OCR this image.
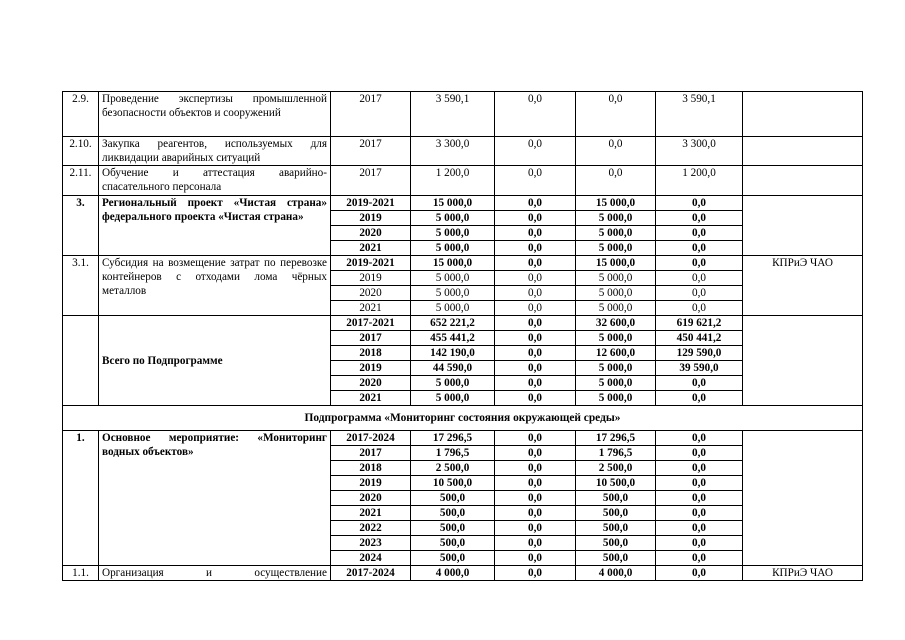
2.9.	Проведение экспертизы промышленной безопасности объектов и сооружений	2017	3 590,1	0,0	0,0	3 590,1	
2.10.	Закупка реагентов, используемых для ликвидации аварийных ситуаций	2017	3 300,0	0,0	0,0	3 300,0	
2.11.	Обучение и аттестация аварийно-спасательного персонала	2017	1 200,0	0,0	0,0	1 200,0	
3.	Региональный проект «Чистая страна» федерального проекта «Чистая страна»	2019-2021	15 000,0	0,0	15 000,0	0,0	
		2019	5 000,0	0,0	5 000,0	0,0	
		2020	5 000,0	0,0	5 000,0	0,0	
		2021	5 000,0	0,0	5 000,0	0,0	
3.1.	Субсидия на возмещение затрат по перевозке контейнеров с отходами лома чёрных металлов	2019-2021	15 000,0	0,0	15 000,0	0,0	КПРиЭ ЧАО
		2019	5 000,0	0,0	5 000,0	0,0	
		2020	5 000,0	0,0	5 000,0	0,0	
		2021	5 000,0	0,0	5 000,0	0,0	
	Всего по Подпрограмме	2017-2021	652 221,2	0,0	32 600,0	619 621,2	
		2017	455 441,2	0,0	5 000,0	450 441,2	
		2018	142 190,0	0,0	12 600,0	129 590,0	
		2019	44 590,0	0,0	5 000,0	39 590,0	
		2020	5 000,0	0,0	5 000,0	0,0	
		2021	5 000,0	0,0	5 000,0	0,0	
Подпрограмма «Мониторинг состояния окружающей среды»							
1.	Основное мероприятие: «Мониторинг водных объектов»	2017-2024	17 296,5	0,0	17 296,5	0,0	
		2017	1 796,5	0,0	1 796,5	0,0	
		2018	2 500,0	0,0	2 500,0	0,0	
		2019	10 500,0	0,0	10 500,0	0,0	
		2020	500,0	0,0	500,0	0,0	
		2021	500,0	0,0	500,0	0,0	
		2022	500,0	0,0	500,0	0,0	
		2023	500,0	0,0	500,0	0,0	
		2024	500,0	0,0	500,0	0,0	
1.1.	Организация и осуществление	2017-2024	4 000,0	0,0	4 000,0	0,0	КПРиЭ ЧАО
